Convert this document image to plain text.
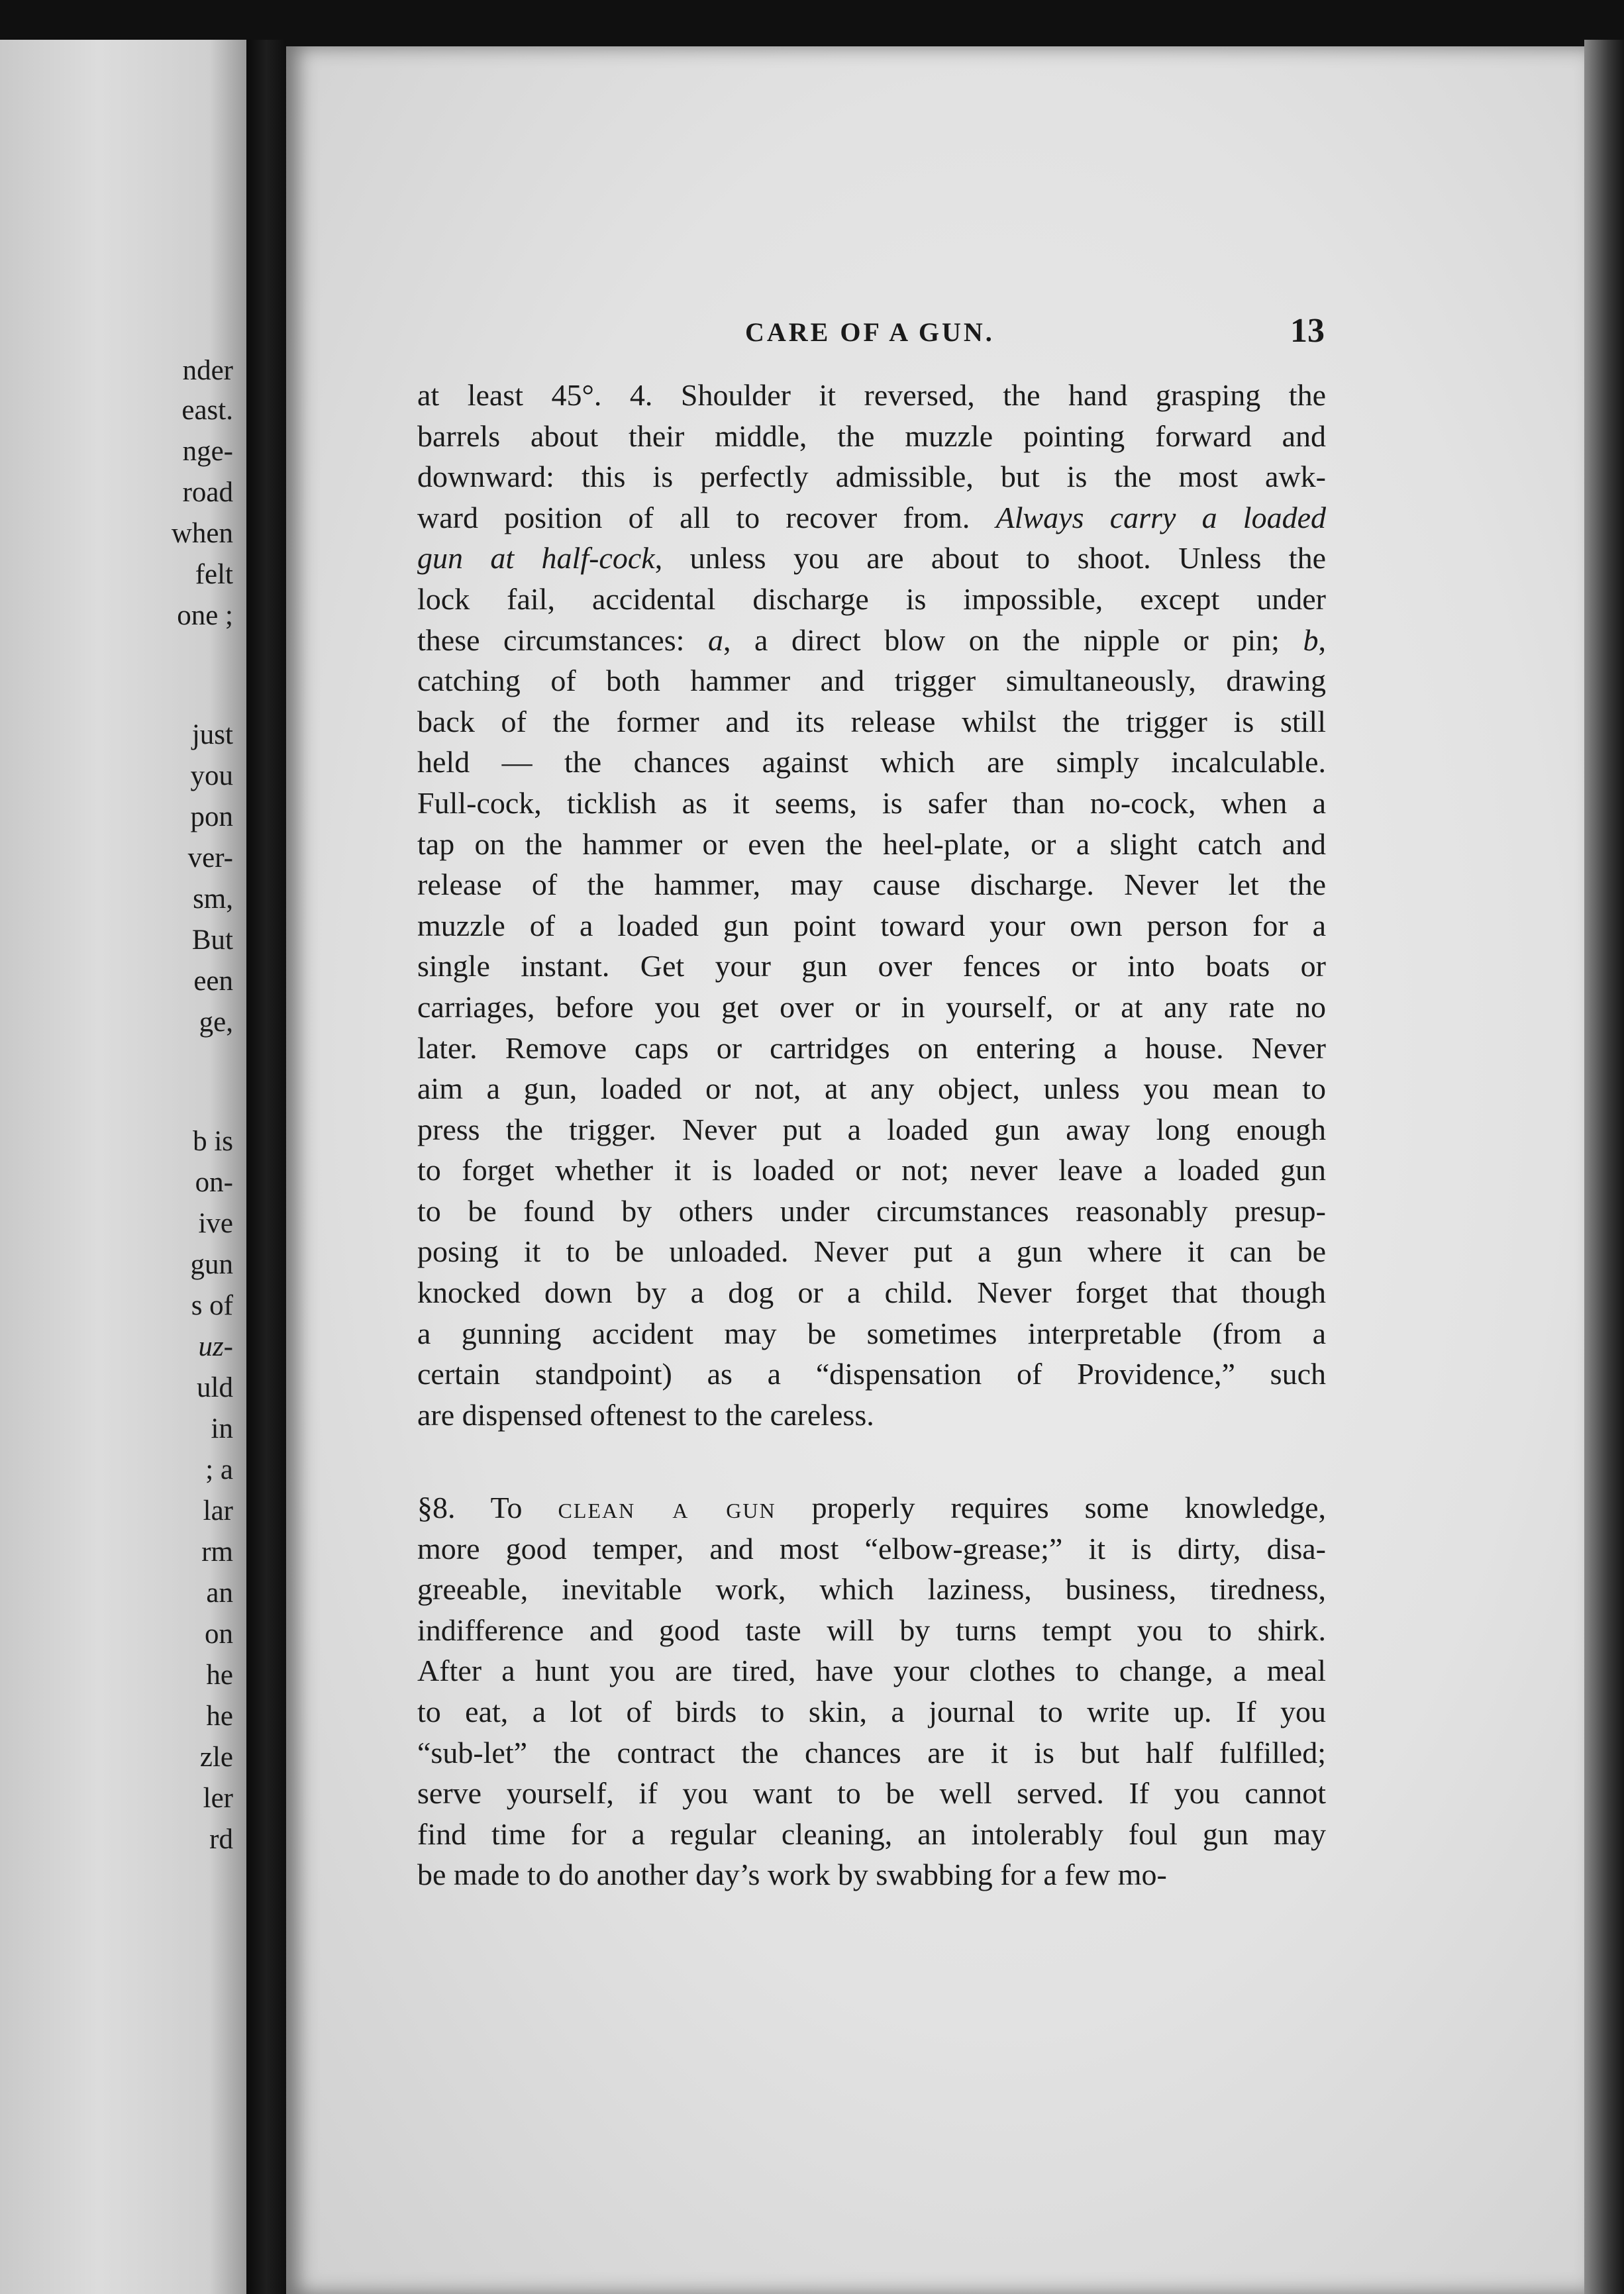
nder
east.
nge-
road
when
felt
one ;
just
you
pon
ver-
sm,
But
een
ge,
b is
on-
ive
gun
s of
uz-
uld
in
; a
lar
rm
an
on
he
he
zle
ler
rd
CARE OF A GUN.	13
at least 45°. 4. Shoulder it reversed, the hand grasping the
barrels about their middle, the muzzle pointing forward and
downward: this is perfectly admissible, but is the most awk-
ward position of all to recover from. Always carry a loaded
gun at half-cock, unless you are about to shoot. Unless the
lock fail, accidental discharge is impossible, except under
these circumstances: a, a direct blow on the nipple or pin; b,
catching of both hammer and trigger simultaneously, drawing
back of the former and its release whilst the trigger is still
held — the chances against which are simply incalculable.
Full-cock, ticklish as it seems, is safer than no-cock, when a
tap on the hammer or even the heel-plate, or a slight catch and
release of the hammer, may cause discharge. Never let the
muzzle of a loaded gun point toward your own person for a
single instant. Get your gun over fences or into boats or
carriages, before you get over or in yourself, or at any rate no
later. Remove caps or cartridges on entering a house. Never
aim a gun, loaded or not, at any object, unless you mean to
press the trigger. Never put a loaded gun away long enough
to forget whether it is loaded or not; never leave a loaded gun
to be found by others under circumstances reasonably presup-
posing it to be unloaded. Never put a gun where it can be
knocked down by a dog or a child. Never forget that though
a gunning accident may be sometimes interpretable (from a
certain standpoint) as a “dispensation of Providence,” such
are dispensed oftenest to the careless.
§8. To clean a gun properly requires some knowledge,
more good temper, and most “elbow-grease;” it is dirty, disa-
greeable, inevitable work, which laziness, business, tiredness,
indifference and good taste will by turns tempt you to shirk.
After a hunt you are tired, have your clothes to change, a meal
to eat, a lot of birds to skin, a journal to write up. If you
“sub-let” the contract the chances are it is but half fulfilled;
serve yourself, if you want to be well served. If you cannot
find time for a regular cleaning, an intolerably foul gun may
be made to do another day’s work by swabbing for a few mo-
